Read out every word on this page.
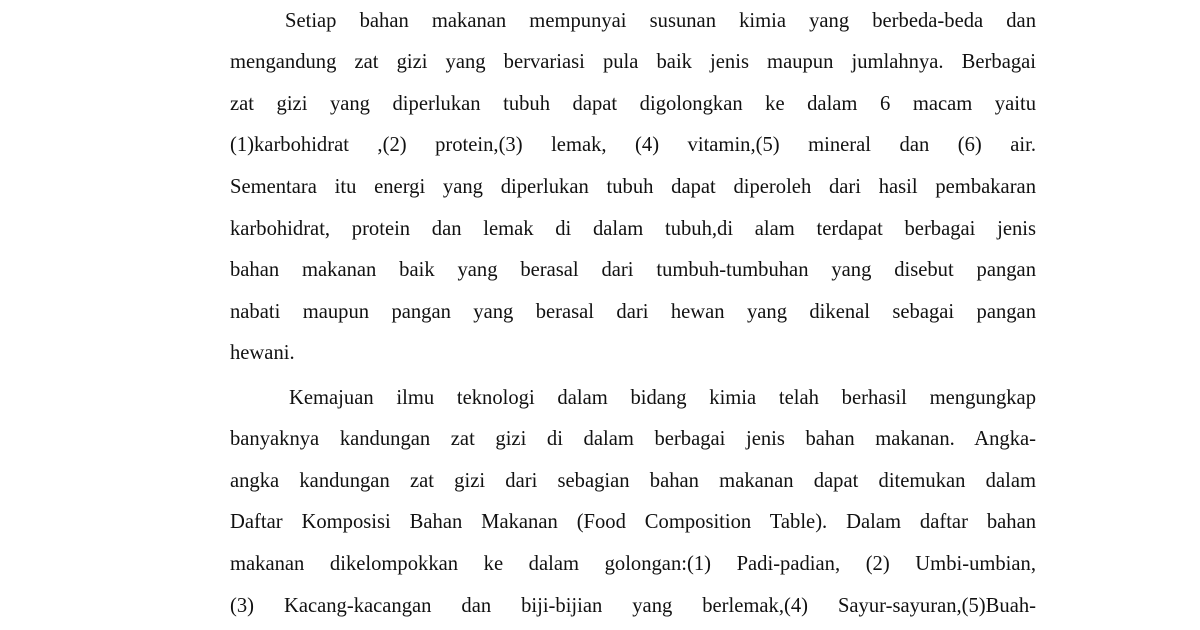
Setiap bahan makanan mempunyai susunan kimia yang berbeda-beda dan
mengandung zat gizi yang bervariasi pula baik jenis maupun jumlahnya. Berbagai
zat gizi yang diperlukan tubuh dapat digolongkan ke dalam 6 macam yaitu
(1)karbohidrat ,(2) protein,(3) lemak, (4) vitamin,(5) mineral dan (6) air.
Sementara itu energi yang diperlukan tubuh dapat diperoleh dari hasil pembakaran
karbohidrat, protein dan lemak di dalam tubuh,di alam terdapat berbagai jenis
bahan makanan baik yang berasal dari tumbuh-tumbuhan yang disebut pangan
nabati maupun pangan yang berasal dari hewan yang dikenal sebagai pangan
hewani.
Kemajuan ilmu teknologi dalam bidang kimia telah berhasil mengungkap
banyaknya kandungan zat gizi di dalam berbagai jenis bahan makanan. Angka-
angka kandungan zat gizi dari sebagian bahan makanan dapat ditemukan dalam
Daftar Komposisi Bahan Makanan (Food Composition Table). Dalam daftar bahan
makanan dikelompokkan ke dalam golongan:(1) Padi-padian, (2) Umbi-umbian,
(3) Kacang-kacangan dan biji-bijian yang berlemak,(4) Sayur-sayuran,(5)Buah-
